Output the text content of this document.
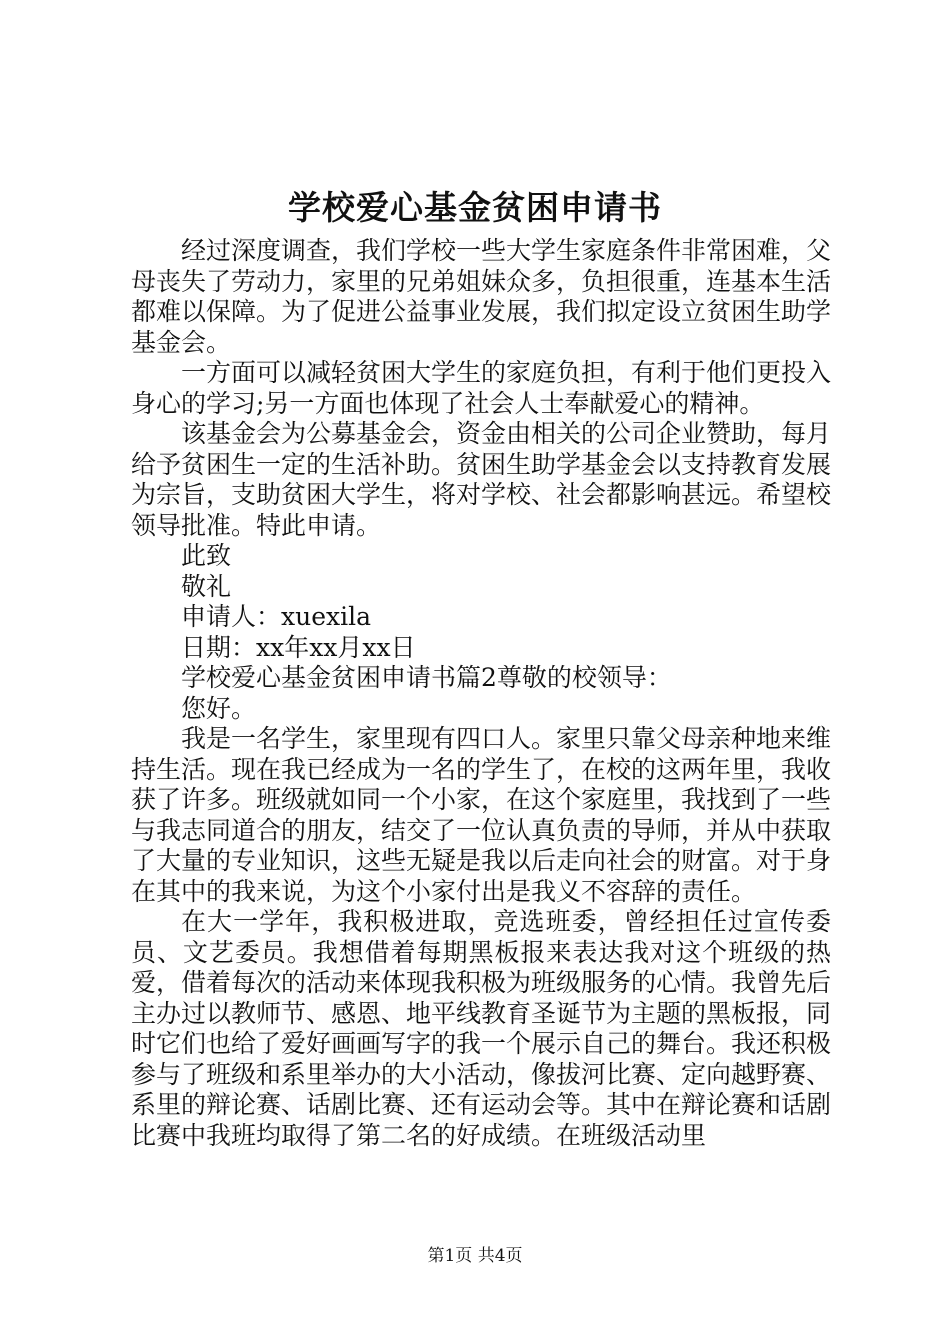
学校爱心基金贫困申请书

经过深度调查，我们学校一些大学生家庭条件非常困难，父母丧失了劳动力，家里的兄弟姐妹众多，负担很重，连基本生活都难以保障。为了促进公益事业发展，我们拟定设立贫困生助学基金会。

一方面可以减轻贫困大学生的家庭负担，有利于他们更投入身心的学习;另一方面也体现了社会人士奉献爱心的精神。

该基金会为公募基金会，资金由相关的公司企业赞助，每月给予贫困生一定的生活补助。贫困生助学基金会以支持教育发展为宗旨，支助贫困大学生，将对学校、社会都影响甚远。希望校领导批准。特此申请。

此致

敬礼

申请人：xuexila

日期：xx年xx月xx日

学校爱心基金贫困申请书篇2尊敬的校领导：

您好。

我是一名学生，家里现有四口人。家里只靠父母亲种地来维持生活。现在我已经成为一名的学生了，在校的这两年里，我收获了许多。班级就如同一个小家，在这个家庭里，我找到了一些与我志同道合的朋友，结交了一位认真负责的导师，并从中获取了大量的专业知识，这些无疑是我以后走向社会的财富。对于身在其中的我来说，为这个小家付出是我义不容辞的责任。

在大一学年，我积极进取，竞选班委，曾经担任过宣传委员、文艺委员。我想借着每期黑板报来表达我对这个班级的热爱，借着每次的活动来体现我积极为班级服务的心情。我曾先后主办过以教师节、感恩、地平线教育圣诞节为主题的黑板报，同时它们也给了爱好画画写字的我一个展示自己的舞台。我还积极参与了班级和系里举办的大小活动，像拔河比赛、定向越野赛、系里的辩论赛、话剧比赛、还有运动会等。其中在辩论赛和话剧比赛中我班均取得了第二名的好成绩。在班级活动里

第1页 共4页
